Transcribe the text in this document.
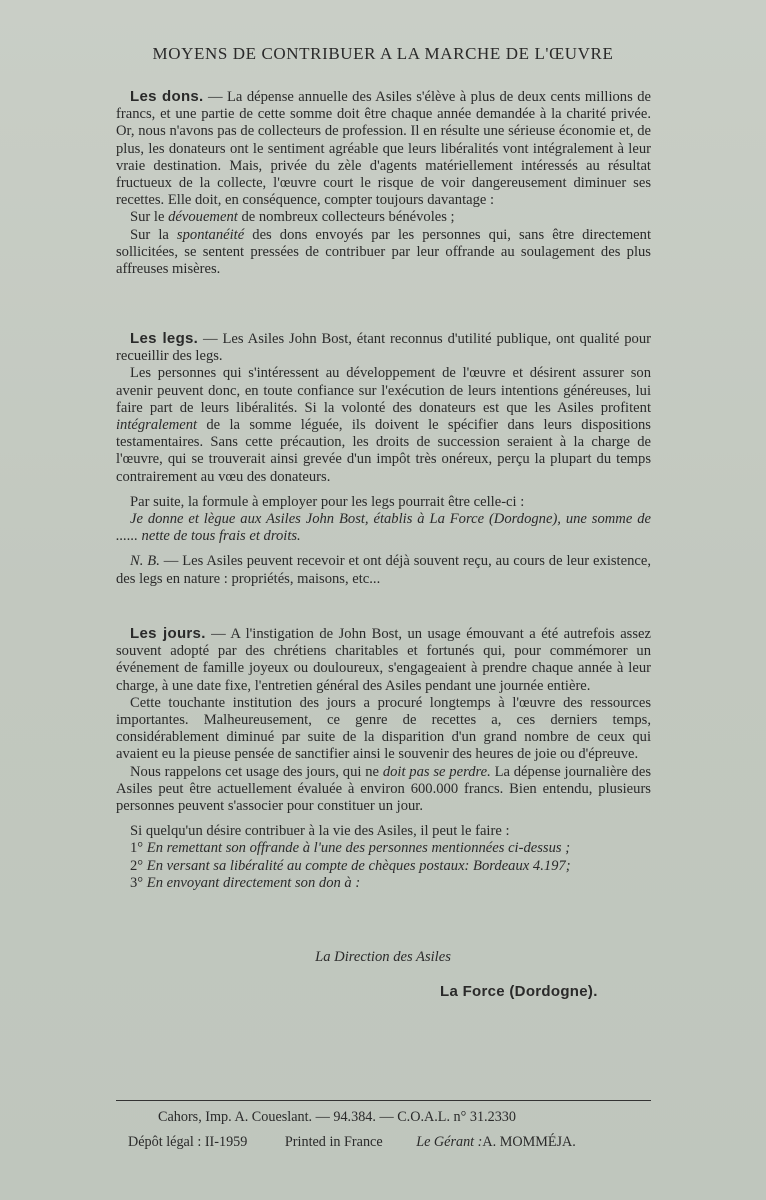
MOYENS DE CONTRIBUER A LA MARCHE DE L'ŒUVRE

Les dons. — La dépense annuelle des Asiles s'élève à plus de deux cents millions de francs, et une partie de cette somme doit être chaque année demandée à la charité privée. Or, nous n'avons pas de collecteurs de profession. Il en résulte une sérieuse économie et, de plus, les donateurs ont le sentiment agréable que leurs libéralités vont intégralement à leur vraie destination. Mais, privée du zèle d'agents matériellement intéressés au résultat fructueux de la collecte, l'œuvre court le risque de voir dangereusement diminuer ses recettes. Elle doit, en conséquence, compter toujours davantage :

Sur le dévouement de nombreux collecteurs bénévoles ;

Sur la spontanéité des dons envoyés par les personnes qui, sans être directement sollicitées, se sentent pressées de contribuer par leur offrande au soulagement des plus affreuses misères.

Les legs. — Les Asiles John Bost, étant reconnus d'utilité publique, ont qualité pour recueillir des legs.

Les personnes qui s'intéressent au développement de l'œuvre et désirent assurer son avenir peuvent donc, en toute confiance sur l'exécution de leurs intentions généreuses, lui faire part de leurs libéralités. Si la volonté des donateurs est que les Asiles profitent intégralement de la somme léguée, ils doivent le spécifier dans leurs dispositions testamentaires. Sans cette précaution, les droits de succession seraient à la charge de l'œuvre, qui se trouverait ainsi grevée d'un impôt très onéreux, perçu la plupart du temps contrairement au vœu des donateurs.

Par suite, la formule à employer pour les legs pourrait être celle-ci :

Je donne et lègue aux Asiles John Bost, établis à La Force (Dordogne), une somme de ...... nette de tous frais et droits.

N. B. — Les Asiles peuvent recevoir et ont déjà souvent reçu, au cours de leur existence, des legs en nature : propriétés, maisons, etc...

Les jours. — A l'instigation de John Bost, un usage émouvant a été autrefois assez souvent adopté par des chrétiens charitables et fortunés qui, pour commémorer un événement de famille joyeux ou douloureux, s'engageaient à prendre chaque année à leur charge, à une date fixe, l'entretien général des Asiles pendant une journée entière.

Cette touchante institution des jours a procuré longtemps à l'œuvre des ressources importantes. Malheureusement, ce genre de recettes a, ces derniers temps, considérablement diminué par suite de la disparition d'un grand nombre de ceux qui avaient eu la pieuse pensée de sanctifier ainsi le souvenir des heures de joie ou d'épreuve.

Nous rappelons cet usage des jours, qui ne doit pas se perdre. La dépense journalière des Asiles peut être actuellement évaluée à environ 600.000 francs. Bien entendu, plusieurs personnes peuvent s'associer pour constituer un jour.

Si quelqu'un désire contribuer à la vie des Asiles, il peut le faire :

1° En remettant son offrande à l'une des personnes mentionnées ci-dessus ;

2° En versant sa libéralité au compte de chèques postaux: Bordeaux 4.197;

3° En envoyant directement son don à :

La Direction des Asiles
La Force (Dordogne).
Cahors, Imp. A. Coueslant. — 94.384. — C.O.A.L. n° 31.2330
Dépôt légal : II-1959	Printed in France Le Gérant :A. MOMMÉJA.
